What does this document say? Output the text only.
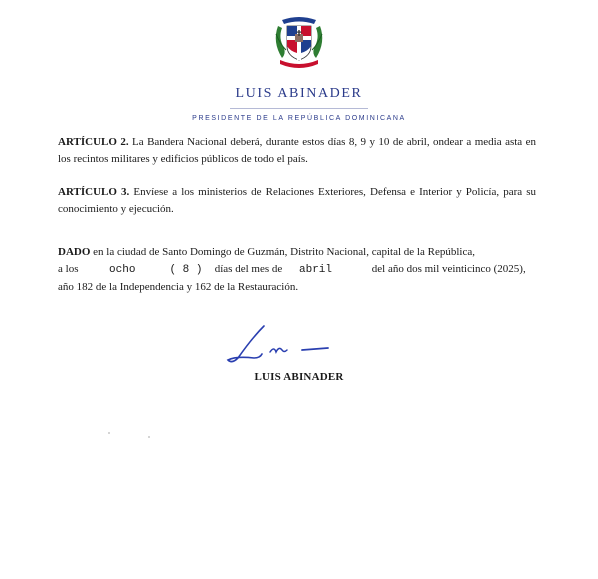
LUIS ABINADER
PRESIDENTE DE LA REPÚBLICA DOMINICANA
ARTÍCULO 2. La Bandera Nacional deberá, durante estos días 8, 9 y 10 de abril, ondear a media asta en los recintos militares y edificios públicos de todo el país.
ARTÍCULO 3. Envíese a los ministerios de Relaciones Exteriores, Defensa e Interior y Policía, para su conocimiento y ejecución.
DADO en la ciudad de Santo Domingo de Guzmán, Distrito Nacional, capital de la República,
a los	ocho	( 8 ) días del mes de abril	del año dos mil veinticinco (2025),
año 182 de la Independencia y 162 de la Restauración.
LUIS ABINADER
